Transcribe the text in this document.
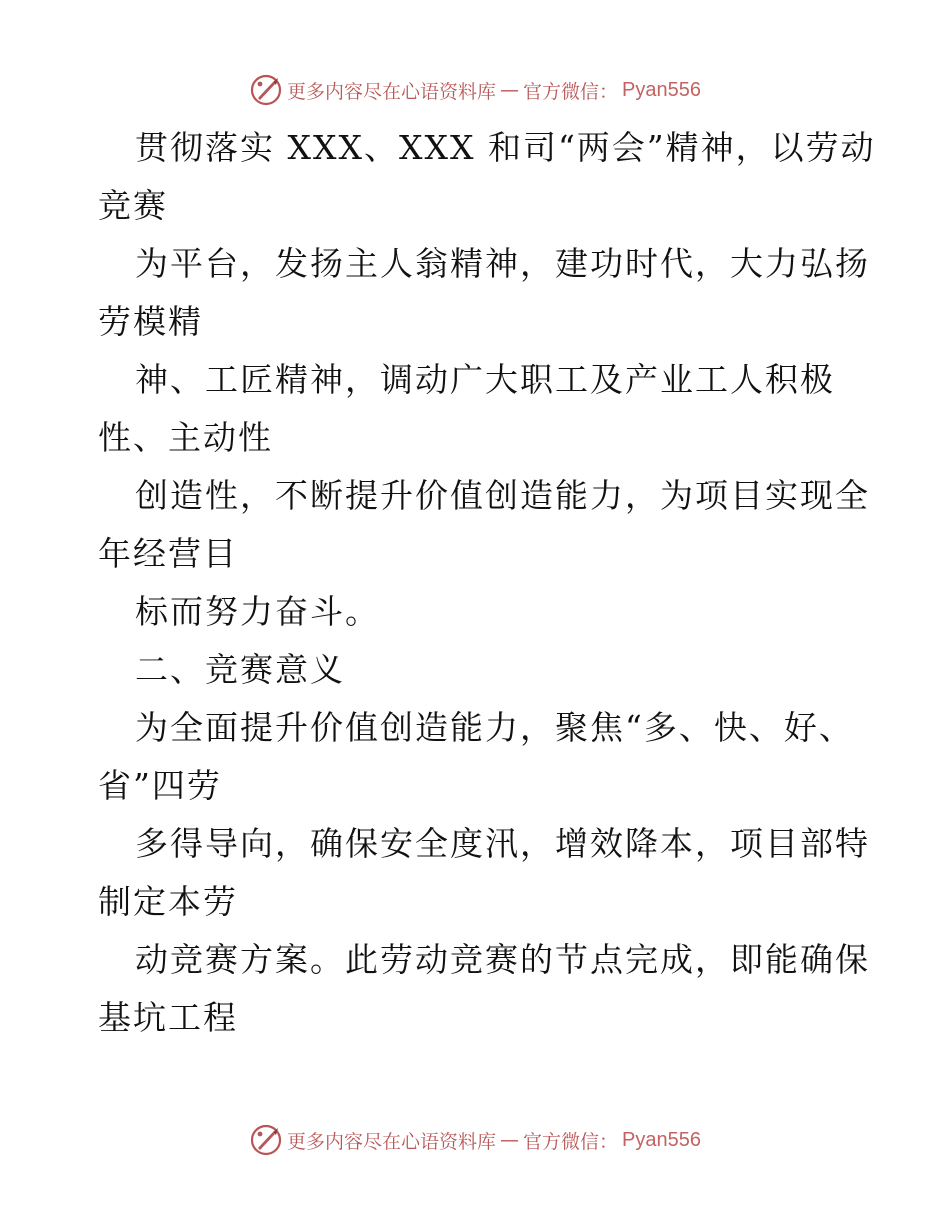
更多内容尽在心语资料库 — 官方微信： Pyan556
贯彻落实 XXX、XXX 和司“两会”精神，以劳动
竞赛
为平台，发扬主人翁精神，建功时代，大力弘扬
劳模精
神、工匠精神，调动广大职工及产业工人积极
性、主动性
创造性，不断提升价值创造能力，为项目实现全
年经营目
标而努力奋斗。
二、竞赛意义
为全面提升价值创造能力，聚焦“多、快、好、
省”四劳
多得导向，确保安全度汛，增效降本，项目部特
制定本劳
动竞赛方案。此劳动竞赛的节点完成，即能确保
基坑工程
更多内容尽在心语资料库 — 官方微信： Pyan556
